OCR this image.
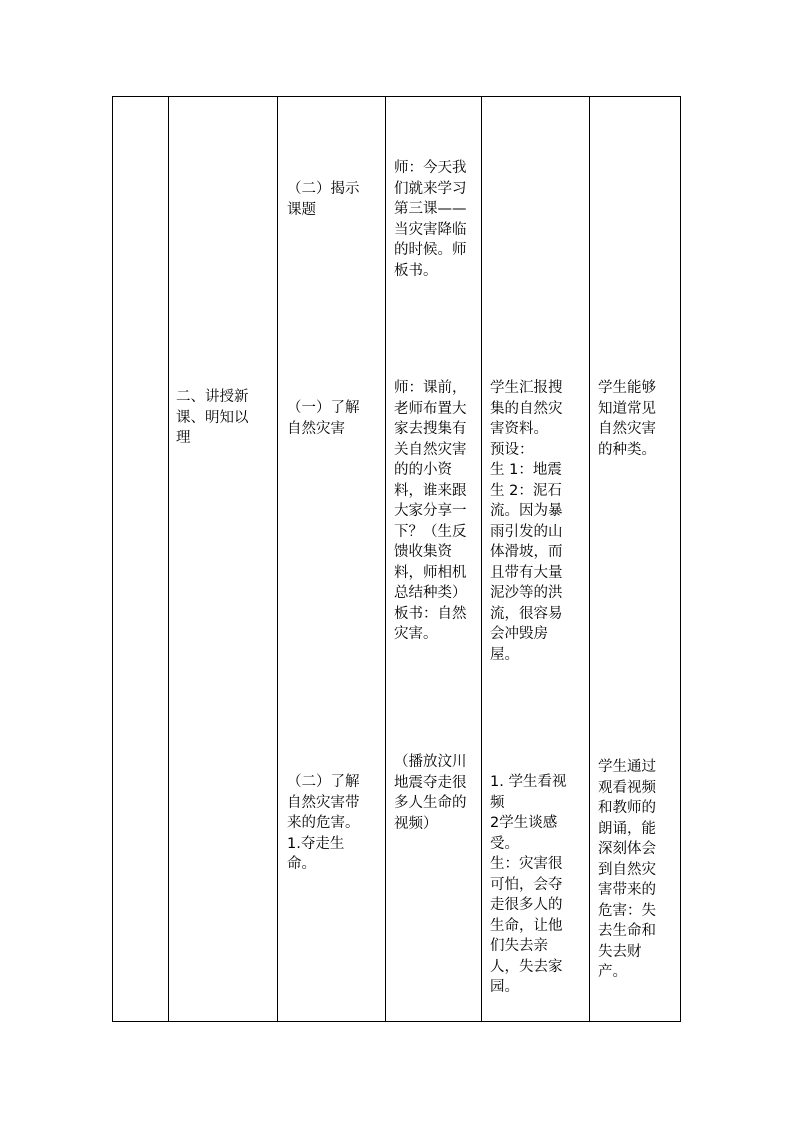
（二）揭示
课题
师：今天我
们就来学习
第三课——
当灾害降临
的时候。师
板书。
二、讲授新
课、明知以
理
（一）了解
自然灾害
师：课前，
老师布置大
家去搜集有
关自然灾害
的的小资
料，谁来跟
大家分享一
下？（生反
馈收集资
料，师相机
总结种类）
板书：自然
灾害。
学生汇报搜
集的自然灾
害资料。
预设：
生 1：地震
生 2：泥石
流。因为暴
雨引发的山
体滑坡，而
且带有大量
泥沙等的洪
流，很容易
会冲毁房
屋。
学生能够
知道常见
自然灾害
的种类。
（二）了解
自然灾害带
来的危害。
1.夺走生
命。
（播放汶川
地震夺走很
多人生命的
视频）
1. 学生看视
频
2学生谈感
受。
生：灾害很
可怕，会夺
走很多人的
生命，让他
们失去亲
人，失去家
园。
学生通过
观看视频
和教师的
朗诵，能
深刻体会
到自然灾
害带来的
危害：失
去生命和
失去财
产。
